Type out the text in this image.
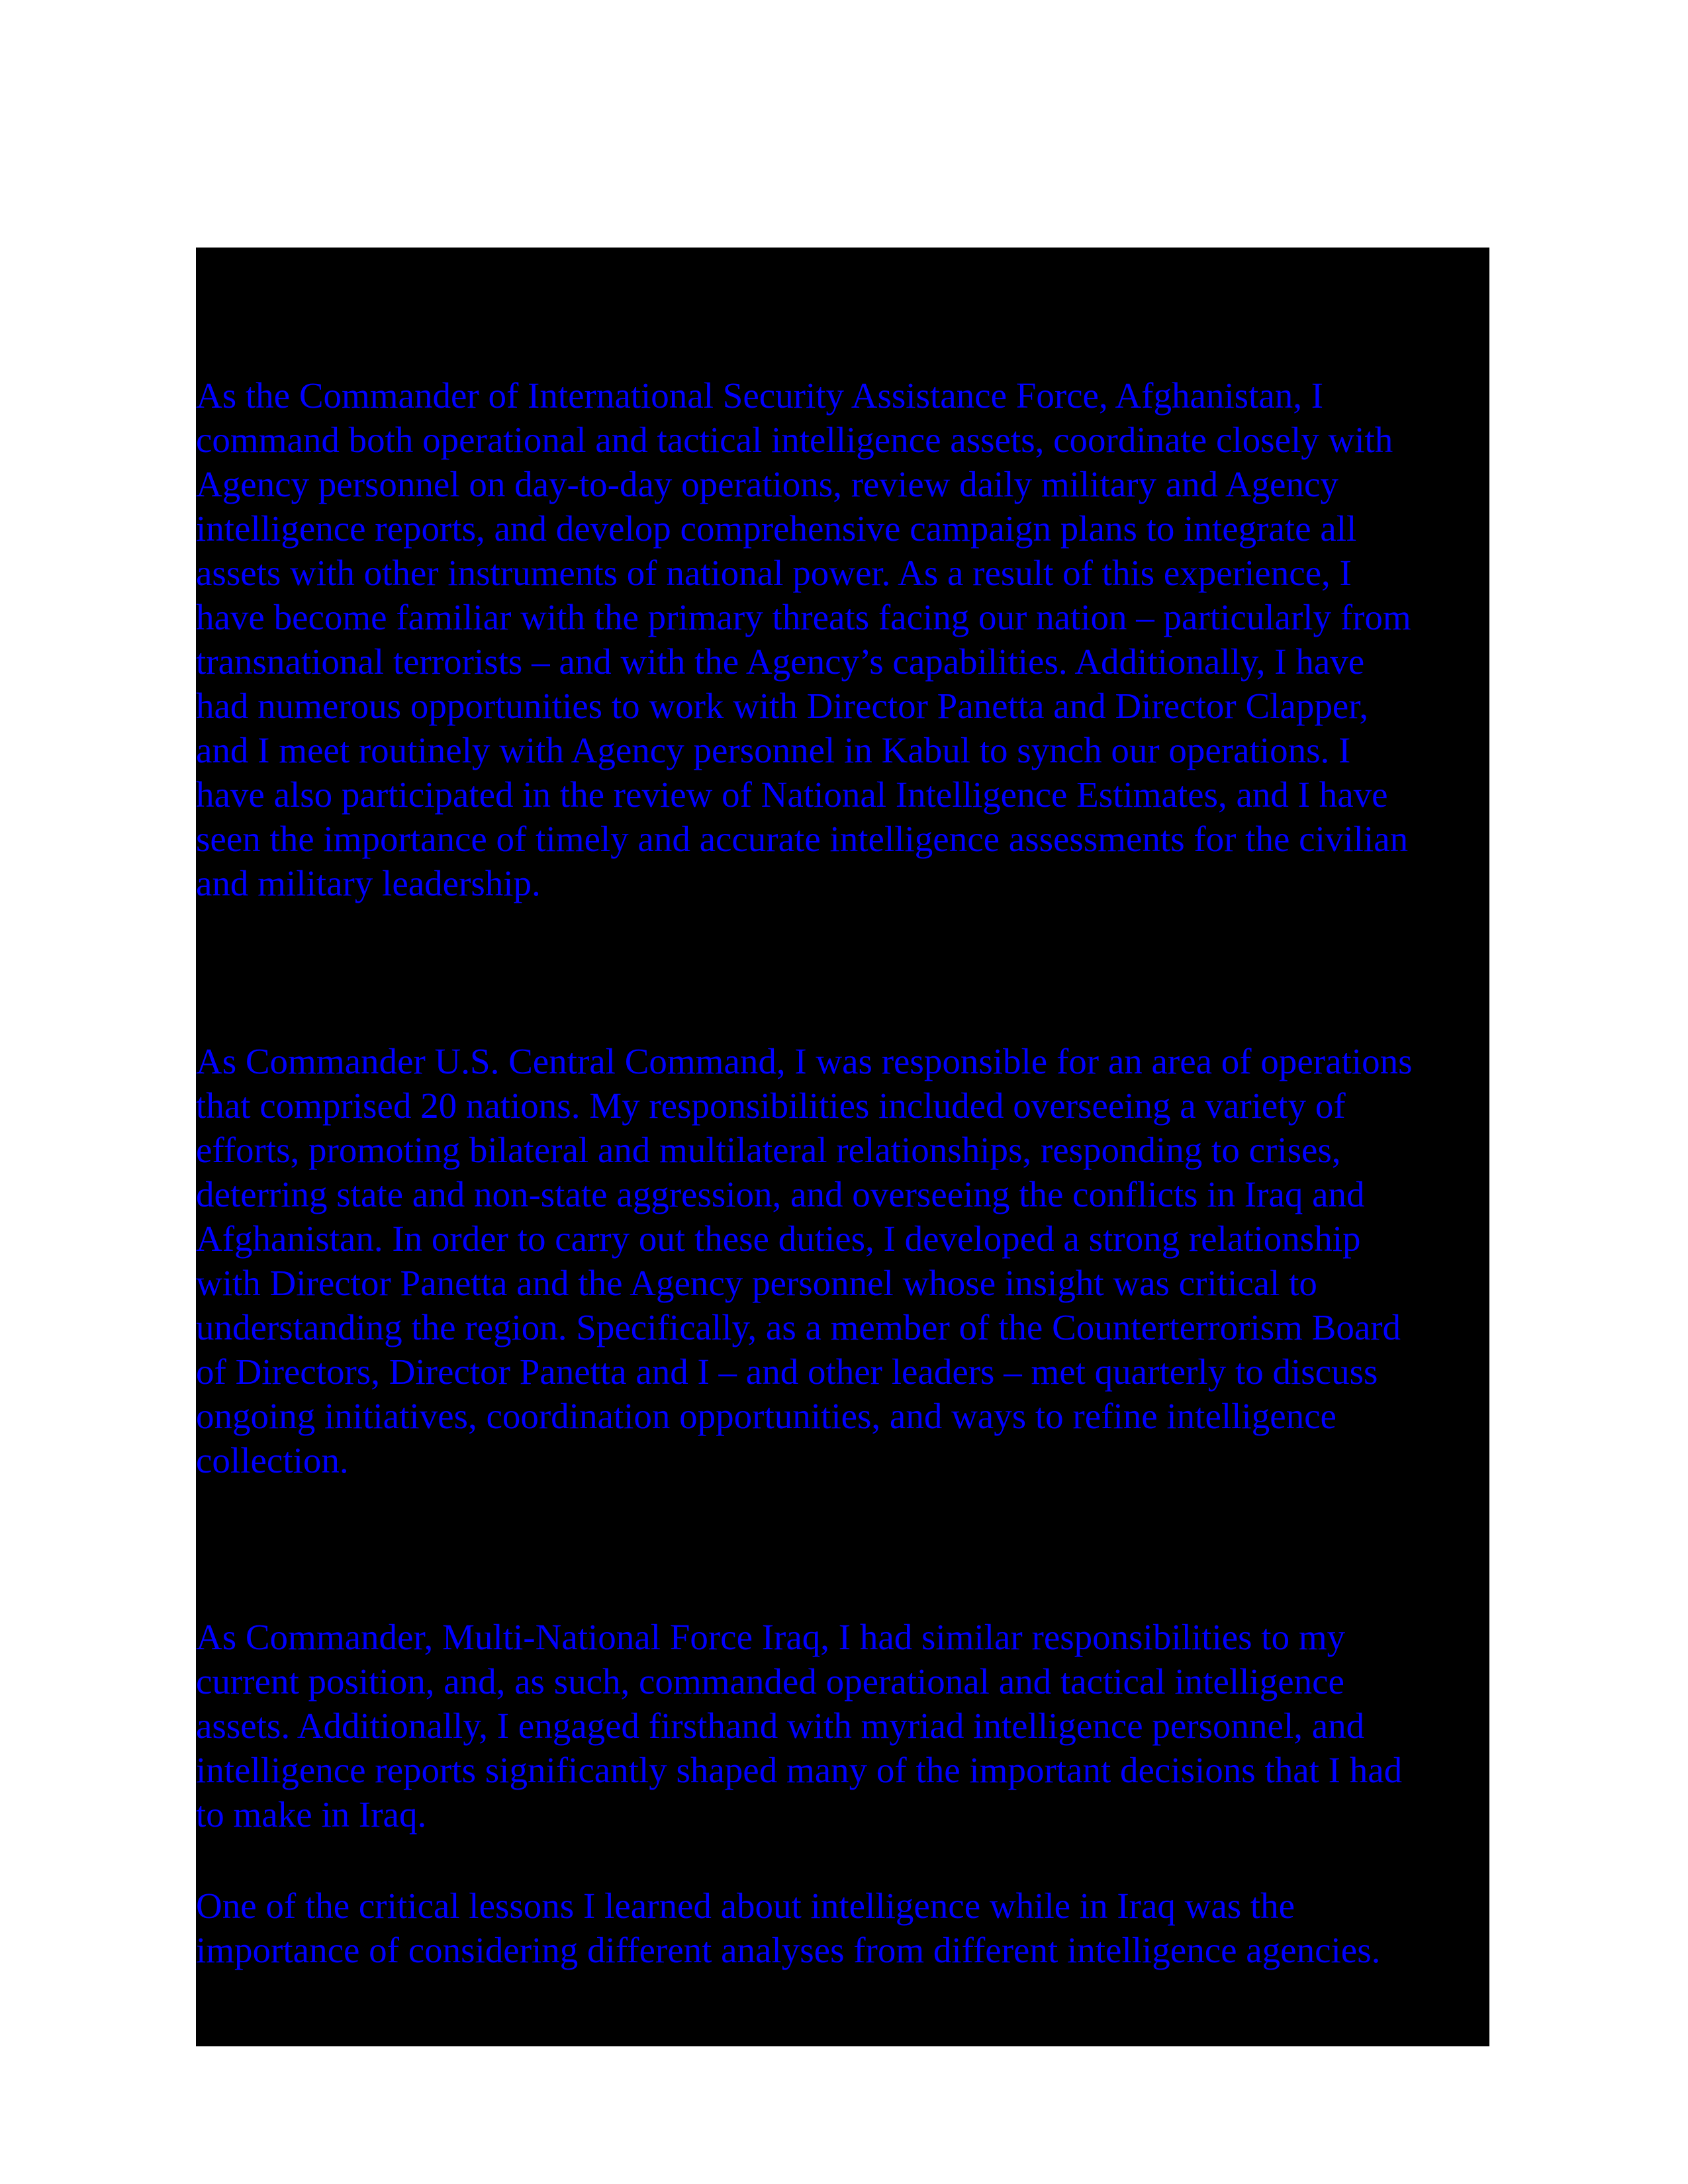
As the Commander of International Security Assistance Force, Afghanistan, I
command both operational and tactical intelligence assets, coordinate closely with
Agency personnel on day-to-day operations, review daily military and Agency
intelligence reports, and develop comprehensive campaign plans to integrate all
assets with other instruments of national power. As a result of this experience, I
have become familiar with the primary threats facing our nation – particularly from
transnational terrorists – and with the Agency’s capabilities. Additionally, I have
had numerous opportunities to work with Director Panetta and Director Clapper,
and I meet routinely with Agency personnel in Kabul to synch our operations. I
have also participated in the review of National Intelligence Estimates, and I have
seen the importance of timely and accurate intelligence assessments for the civilian
and military leadership.

As Commander U.S. Central Command, I was responsible for an area of operations
that comprised 20 nations. My responsibilities included overseeing a variety of
efforts, promoting bilateral and multilateral relationships, responding to crises,
deterring state and non-state aggression, and overseeing the conflicts in Iraq and
Afghanistan. In order to carry out these duties, I developed a strong relationship
with Director Panetta and the Agency personnel whose insight was critical to
understanding the region. Specifically, as a member of the Counterterrorism Board
of Directors, Director Panetta and I – and other leaders – met quarterly to discuss
ongoing initiatives, coordination opportunities, and ways to refine intelligence
collection.

As Commander, Multi-National Force Iraq, I had similar responsibilities to my
current position, and, as such, commanded operational and tactical intelligence
assets. Additionally, I engaged firsthand with myriad intelligence personnel, and
intelligence reports significantly shaped many of the important decisions that I had
to make in Iraq.

One of the critical lessons I learned about intelligence while in Iraq was the
importance of considering different analyses from different intelligence agencies.
